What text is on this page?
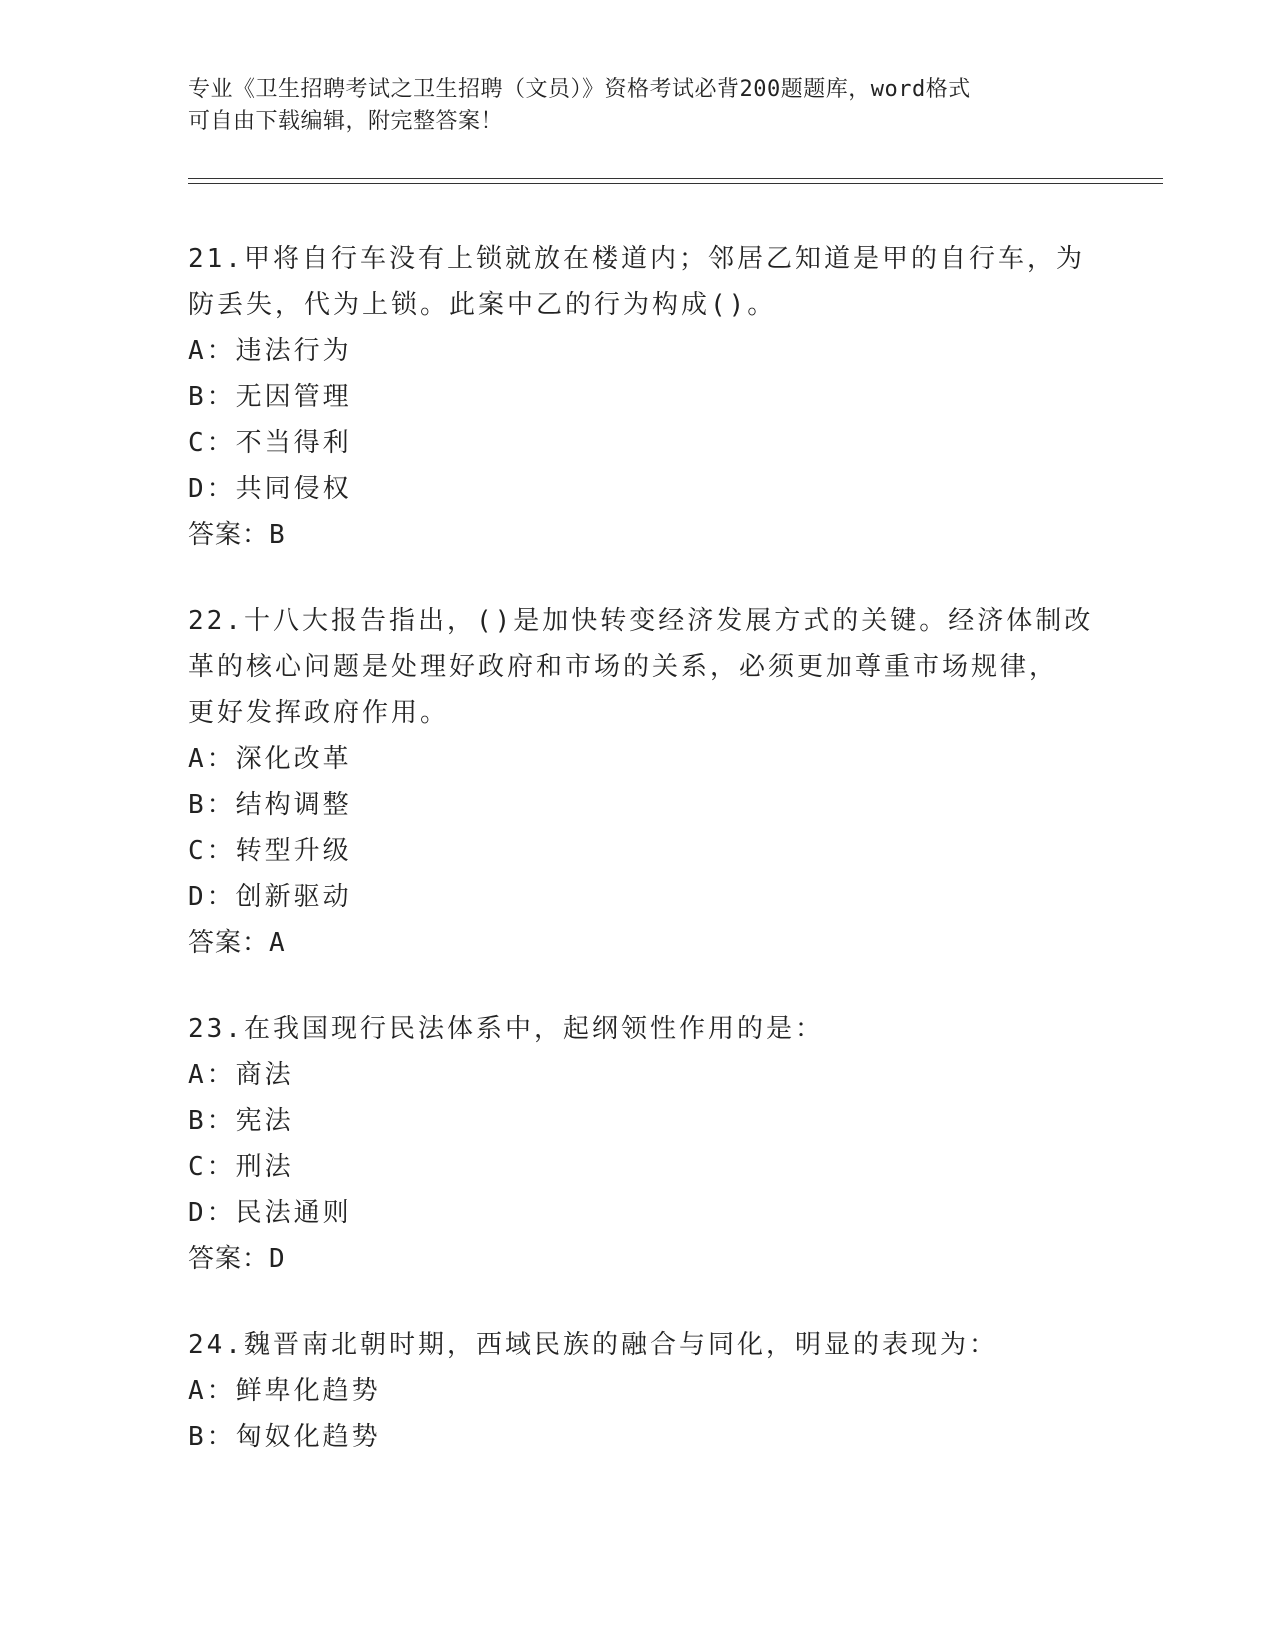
专业《卫生招聘考试之卫生招聘（文员）》资格考试必背200题题库，word格式
可自由下载编辑，附完整答案！
21.甲将自行车没有上锁就放在楼道内；邻居乙知道是甲的自行车，为
防丢失，代为上锁。此案中乙的行为构成()。
A：违法行为
B：无因管理
C：不当得利
D：共同侵权
答案：B
22.十八大报告指出，()是加快转变经济发展方式的关键。经济体制改
革的核心问题是处理好政府和市场的关系，必须更加尊重市场规律，
更好发挥政府作用。
A：深化改革
B：结构调整
C：转型升级
D：创新驱动
答案：A
23.在我国现行民法体系中，起纲领性作用的是：
A：商法
B：宪法
C：刑法
D：民法通则
答案：D
24.魏晋南北朝时期，西域民族的融合与同化，明显的表现为：
A：鲜卑化趋势
B：匈奴化趋势
